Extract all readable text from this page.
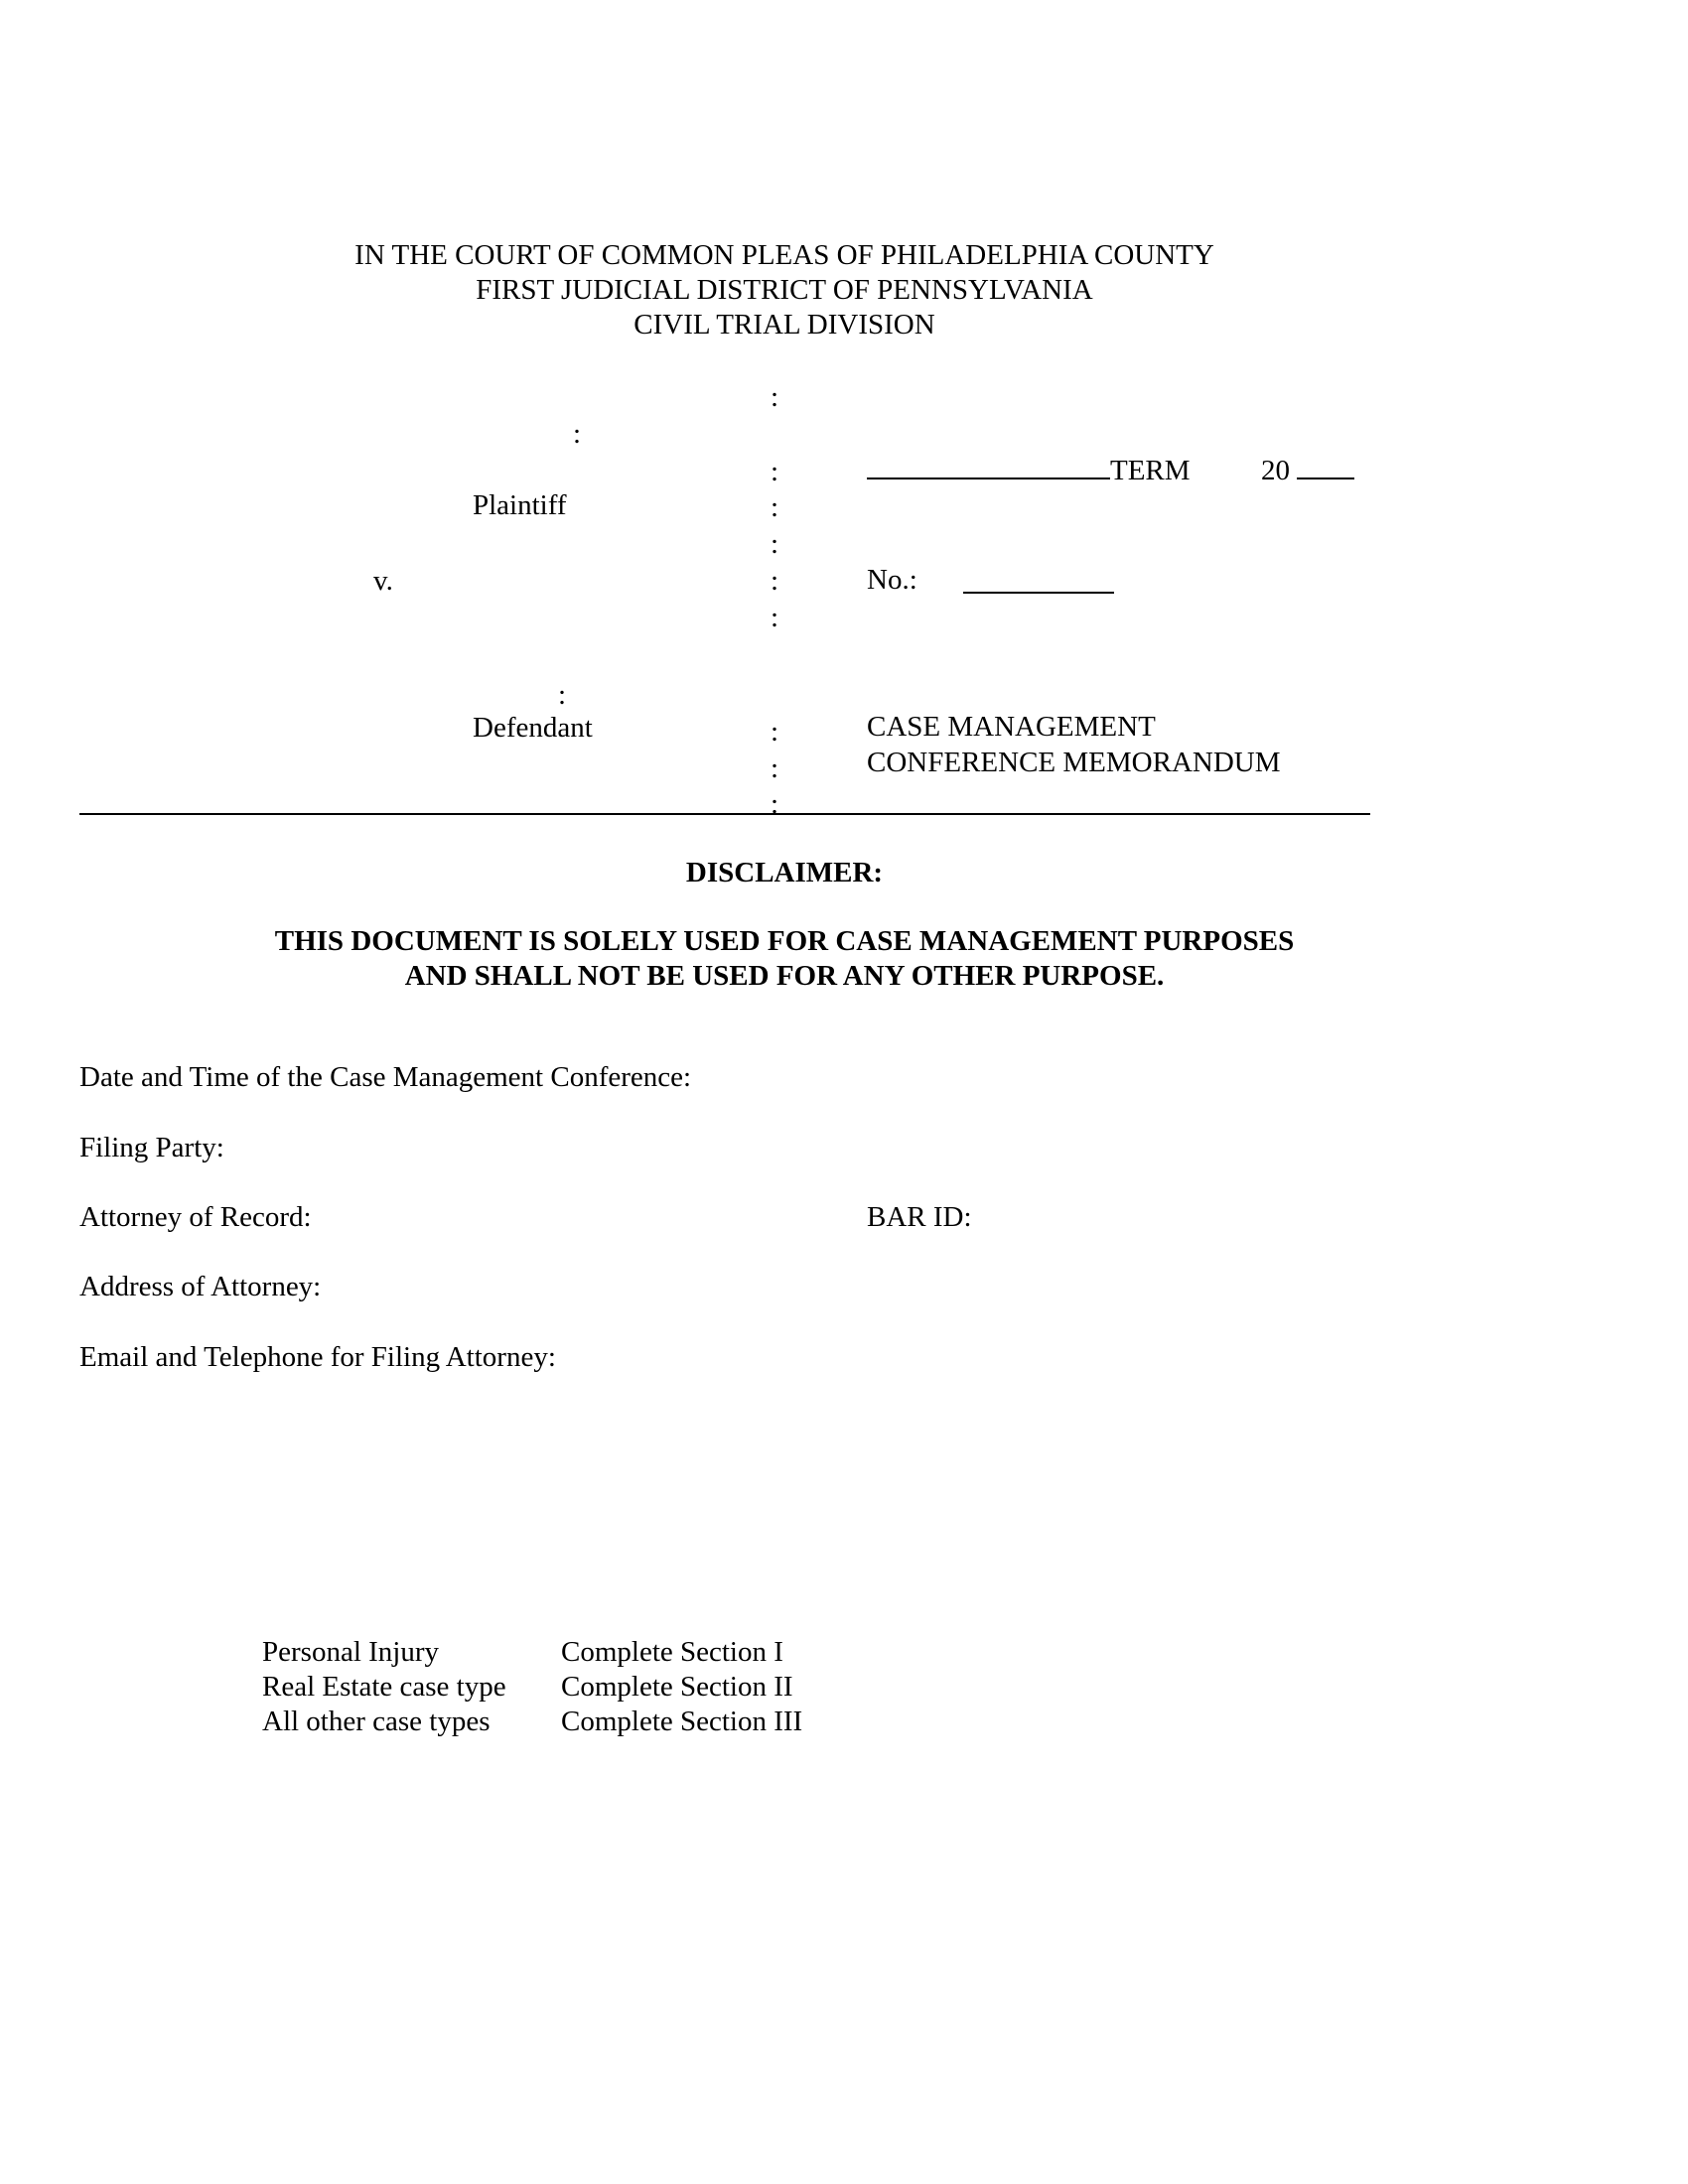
IN THE COURT OF COMMON PLEAS OF PHILADELPHIA COUNTY
FIRST JUDICIAL DISTRICT OF PENNSYLVANIA
CIVIL TRIAL DIVISION
:
:
:
:
:
:
:
:
:
:
:
Plaintiff
v.
Defendant
TERM 20
No.:
CASE MANAGEMENT
CONFERENCE MEMORANDUM
DISCLAIMER:
THIS DOCUMENT IS SOLELY USED FOR CASE MANAGEMENT PURPOSES
AND SHALL NOT BE USED FOR ANY OTHER PURPOSE.
Date and Time of the Case Management Conference:
Filing Party:
Attorney of Record:	BAR ID:
Address of Attorney:
Email and Telephone for Filing Attorney:
Personal Injury	Complete Section I
Real Estate case type Complete Section II
All other case types Complete Section III
